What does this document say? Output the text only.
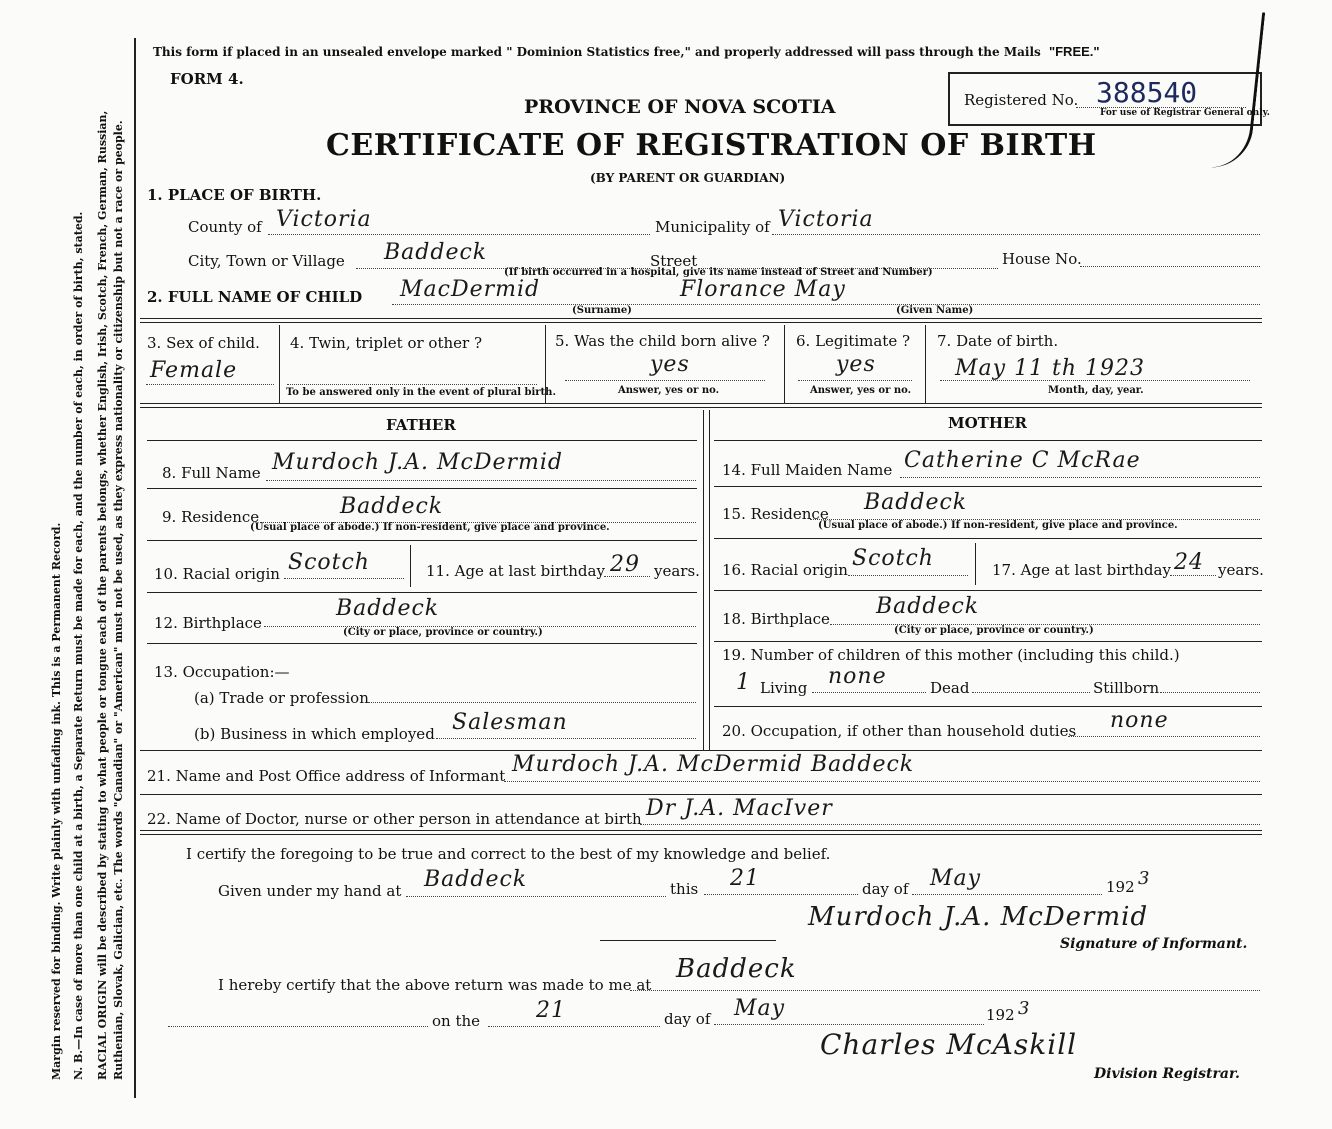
Margin reserved for binding. Write plainly with unfading ink. This is a Permanent Record. N. B.—In case of more than one child at a birth, a Separate Return must be made for each, and the number of each, in order of birth, stated. RACIAL ORIGIN will be described by stating to what people or tongue each of the parents belongs, whether English, Irish, Scotch, French, German, Russian, Ruthenian, Slovak, Galician, etc. The words "Canadian" or "American" must not be used, as they express nationality or citizenship but not a race or people.
This form if placed in an unsealed envelope marked " Dominion Statistics free," and properly addressed will pass through the Mails "FREE."
FORM 4.
PROVINCE OF NOVA SCOTIA
CERTIFICATE OF REGISTRATION OF BIRTH
(BY PARENT OR GUARDIAN)
Registered No. 388540
For use of Registrar General only.
1. PLACE OF BIRTH.
County of Victoria	Municipality of Victoria
City, Town or Village Baddeck	Street	House No.
(If birth occurred in a hospital, give its name instead of Street and Number)
2. FULL NAME OF CHILD MacDermid	Florance May
(Surname)	(Given Name)
3. Sex of child.
Female
4. Twin, triplet or other ?
To be answered only in the event of plural birth.
5. Was the child born alive ?
yes
Answer, yes or no.
6. Legitimate ?
yes
Answer, yes or no.
7. Date of birth.
May 11 th 1923
Month, day, year.
FATHER	MOTHER
8. Full Name Murdoch J.A. McDermid
9. Residence	Baddeck
(Usual place of abode.) If non-resident, give place and province.
10. Racial origin Scotch	11. Age at last birthday 29 years.
12. Birthplace
Baddeck
(City or place, province or country.)
13. Occupation:—
(a) Trade or profession
(b) Business in which employed Salesman
14. Full Maiden Name Catherine C McRae
15. Residence Baddeck
(Usual place of abode.) If non-resident, give place and province.
16. Racial origin Scotch	17. Age at last birthday 24 years.
18. Birthplace Baddeck
(City or place, province or country.)
19. Number of children of this mother (including this child.)
1 Living none	Dead	Stillborn
20. Occupation, if other than household duties none
21. Name and Post Office address of Informant Murdoch J.A. McDermid Baddeck
22. Name of Doctor, nurse or other person in attendance at birth Dr J.A. MacIver
I certify the foregoing to be true and correct to the best of my knowledge and belief.
Given under my hand at Baddeck	this 21	day of May	192 3
Murdoch J.A. McDermid
Signature of Informant.
I hereby certify that the above return was made to me at
Baddeck
on the	21	day of May	192 3
Charles McAskill
Division Registrar.
